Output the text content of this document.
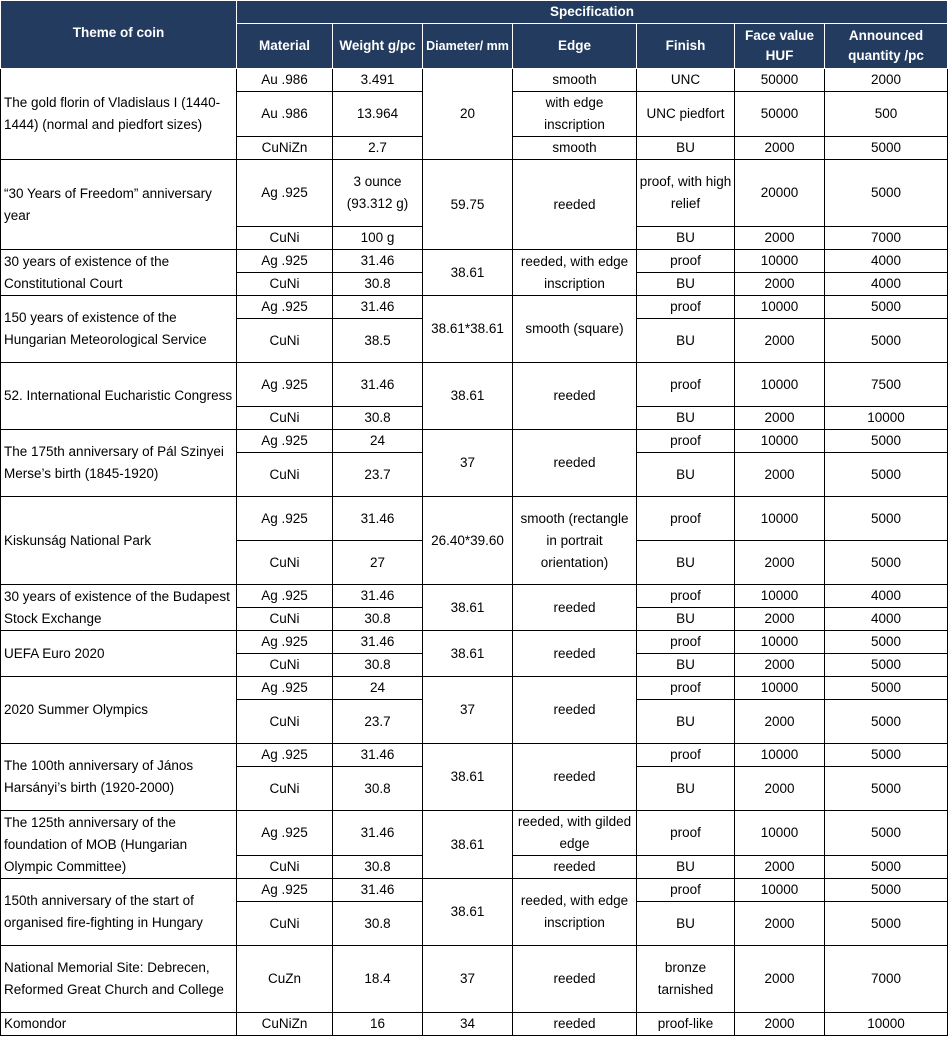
Theme of coin	Specification						
	Material	Weight g/pc	Diameter/ mm	Edge	Finish	Face value HUF	Announced quantity /pc
The gold florin of Vladislaus I (1440-1444) (normal and piedfort sizes)	Au .986	3.491	20	smooth	UNC	50000	2000
	Au .986	13.964		with edge inscription	UNC piedfort	50000	500
	CuNiZn	2.7		smooth	BU	2000	5000
“30 Years of Freedom” anniversary year	Ag .925	3 ounce (93.312 g)	59.75	reeded	proof, with high relief	20000	5000
	CuNi	100 g			BU	2000	7000
30 years of existence of the Constitutional Court	Ag .925	31.46	38.61	reeded, with edge inscription	proof	10000	4000
	CuNi	30.8			BU	2000	4000
150 years of existence of the Hungarian Meteorological Service	Ag .925	31.46	38.61*38.61	smooth (square)	proof	10000	5000
	CuNi	38.5			BU	2000	5000
52. International Eucharistic Congress	Ag .925	31.46	38.61	reeded	proof	10000	7500
	CuNi	30.8			BU	2000	10000
The 175th anniversary of Pál Szinyei Merse’s birth (1845-1920)	Ag .925	24	37	reeded	proof	10000	5000
	CuNi	23.7			BU	2000	5000
Kiskunság National Park	Ag .925	31.46	26.40*39.60	smooth (rectangle in portrait orientation)	proof	10000	5000
	CuNi	27			BU	2000	5000
30 years of existence of the Budapest Stock Exchange	Ag .925	31.46	38.61	reeded	proof	10000	4000
	CuNi	30.8			BU	2000	4000
UEFA Euro 2020	Ag .925	31.46	38.61	reeded	proof	10000	5000
	CuNi	30.8			BU	2000	5000
2020 Summer Olympics	Ag .925	24	37	reeded	proof	10000	5000
	CuNi	23.7			BU	2000	5000
The 100th anniversary of János Harsányi’s birth (1920-2000)	Ag .925	31.46	38.61	reeded	proof	10000	5000
	CuNi	30.8			BU	2000	5000
The 125th anniversary of the foundation of MOB (Hungarian Olympic Committee)	Ag .925	31.46	38.61	reeded, with gilded edge	proof	10000	5000
	CuNi	30.8		reeded	BU	2000	5000
150th anniversary of the start of organised fire-fighting in Hungary	Ag .925	31.46	38.61	reeded, with edge inscription	proof	10000	5000
	CuNi	30.8			BU	2000	5000
National Memorial Site: Debrecen, Reformed Great Church and College	CuZn	18.4	37	reeded	bronze tarnished	2000	7000
Komondor	CuNiZn	16	34	reeded	proof-like	2000	10000
